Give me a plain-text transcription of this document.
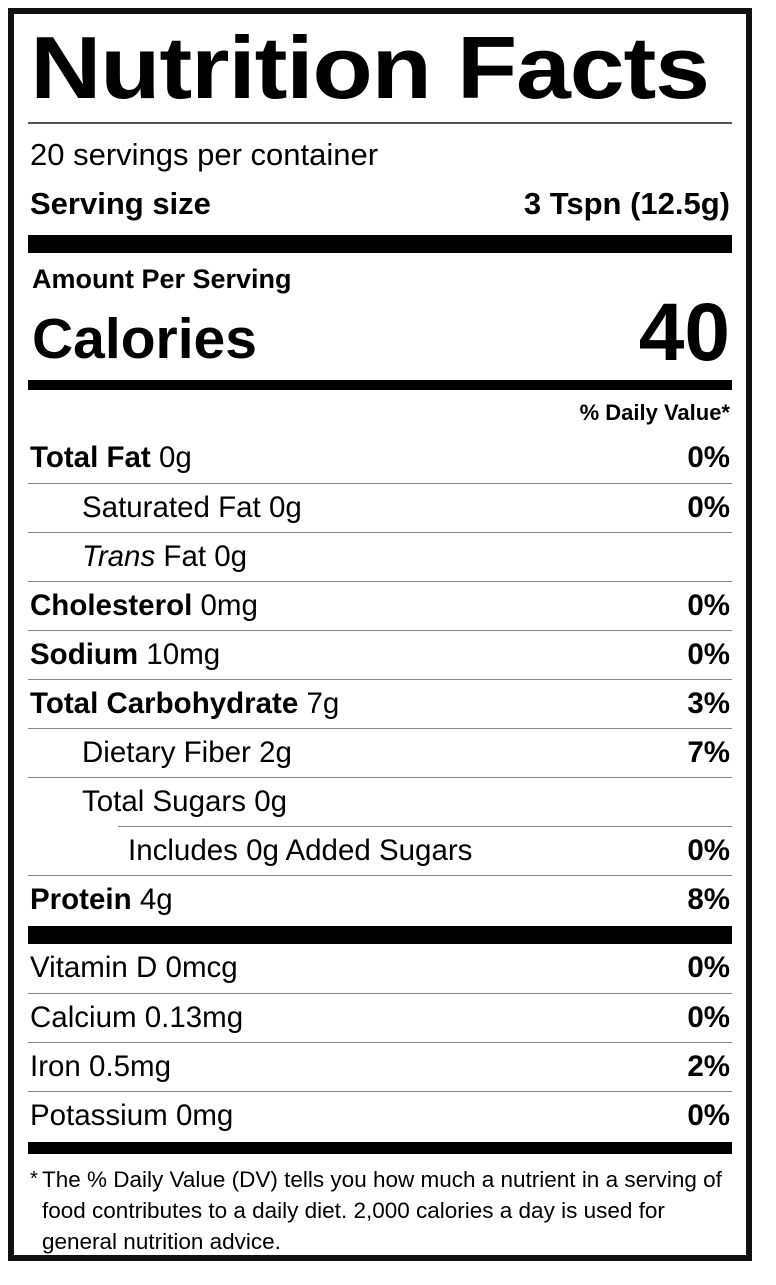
Nutrition Facts
20 servings per container
Serving size	3 Tspn (12.5g)
Amount Per Serving
Calories	40
% Daily Value*
Total Fat 0g	0%
Saturated Fat 0g	0%
Trans Fat 0g
Cholesterol 0mg	0%
Sodium 10mg	0%
Total Carbohydrate 7g	3%
Dietary Fiber 2g	7%
Total Sugars 0g
Includes 0g Added Sugars	0%
Protein 4g	8%
Vitamin D 0mcg	0%
Calcium 0.13mg	0%
Iron 0.5mg	2%
Potassium 0mg	0%
* The % Daily Value (DV) tells you how much a nutrient in a serving of food contributes to a daily diet. 2,000 calories a day is used for general nutrition advice.
